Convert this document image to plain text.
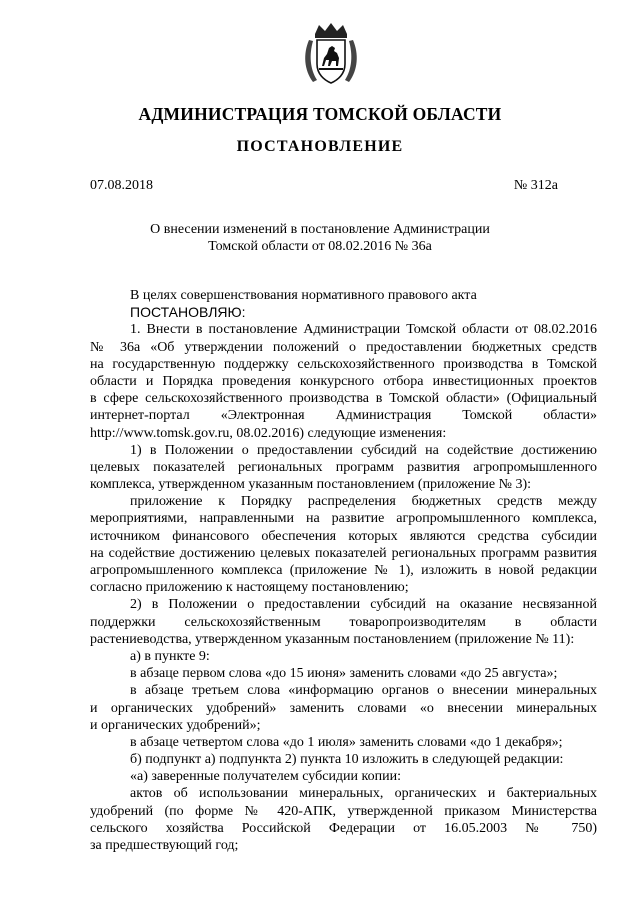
АДМИНИСТРАЦИЯ ТОМСКОЙ ОБЛАСТИ
ПОСТАНОВЛЕНИЕ
07.08.2018	№ 312а
О внесении изменений в постановление Администрации
Томской области от 08.02.2016 № 36а
В целях совершенствования нормативного правового акта
ПОСТАНОВЛЯЮ:
1. Внести в постановление Администрации Томской области от 08.02.2016
№ 36а «Об утверждении положений о предоставлении бюджетных средств
на государственную поддержку сельскохозяйственного производства в Томской
области и Порядка проведения конкурсного отбора инвестиционных проектов
в сфере сельскохозяйственного производства в Томской области» (Официальный
интернет-портал «Электронная Администрация Томской области»
http://www.tomsk.gov.ru, 08.02.2016) следующие изменения:
1) в Положении о предоставлении субсидий на содействие достижению
целевых показателей региональных программ развития агропромышленного
комплекса, утвержденном указанным постановлением (приложение № 3):
приложение к Порядку распределения бюджетных средств между
мероприятиями, направленными на развитие агропромышленного комплекса,
источником финансового обеспечения которых являются средства субсидии
на содействие достижению целевых показателей региональных программ развития
агропромышленного комплекса (приложение № 1), изложить в новой редакции
согласно приложению к настоящему постановлению;
2) в Положении о предоставлении субсидий на оказание несвязанной
поддержки сельскохозяйственным товаропроизводителям в области
растениеводства, утвержденном указанным постановлением (приложение № 11):
а) в пункте 9:
в абзаце первом слова «до 15 июня» заменить словами «до 25 августа»;
в абзаце третьем слова «информацию органов о внесении минеральных
и органических удобрений» заменить словами «о внесении минеральных
и органических удобрений»;
в абзаце четвертом слова «до 1 июля» заменить словами «до 1 декабря»;
б) подпункт а) подпункта 2) пункта 10 изложить в следующей редакции:
«а) заверенные получателем субсидии копии:
актов об использовании минеральных, органических и бактериальных
удобрений (по форме № 420-АПК, утвержденной приказом Министерства
сельского хозяйства Российской Федерации от 16.05.2003 № 750)
за предшествующий год;
